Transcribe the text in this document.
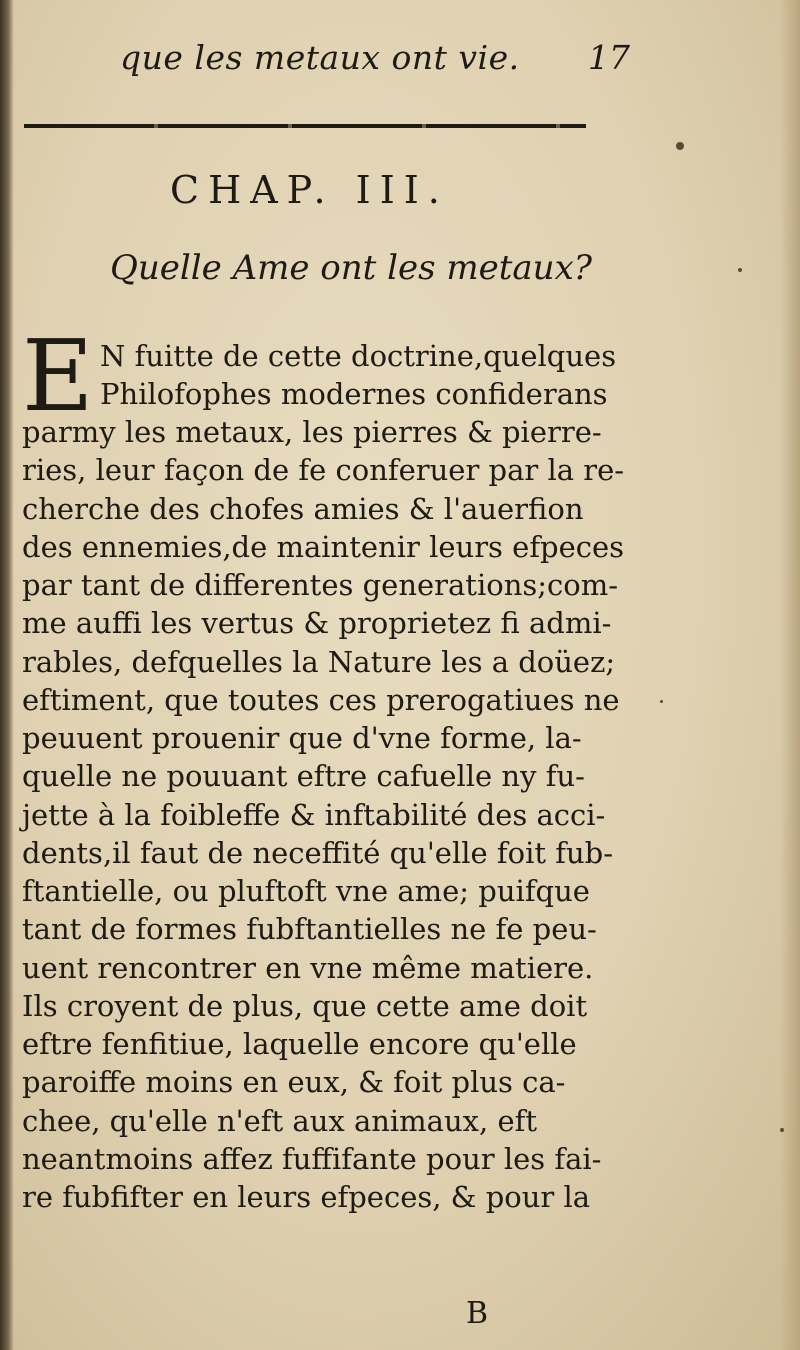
que les metaux ont vie. 17
CHAP. III.
Quelle Ame ont les metaux?
E N fuitte de cette doctrine,quelques
Philofophes modernes confiderans
parmy les metaux, les pierres & pierre-
ries, leur façon de fe conferuer par la re-
cherche des chofes amies & l'auerfion
des ennemies,de maintenir leurs efpeces
par tant de differentes generations;com-
me auffi les vertus & proprietez fi admi-
rables, defquelles la Nature les a doüez;
eftiment, que toutes ces prerogatiues ne
peuuent prouenir que d'vne forme, la-
quelle ne pouuant eftre cafuelle ny fu-
jette à la foibleffe & inftabilité des acci-
dents,il faut de neceffité qu'elle foit fub-
ftantielle, ou pluftoft vne ame; puifque
tant de formes fubftantielles ne fe peu-
uent rencontrer en vne même matiere.
Ils croyent de plus, que cette ame doit
eftre fenfitiue, laquelle encore qu'elle
paroiffe moins en eux, & foit plus ca-
chee, qu'elle n'eft aux animaux, eft
neantmoins affez fuffifante pour les fai-
re fubfifter en leurs efpeces, & pour la
B
